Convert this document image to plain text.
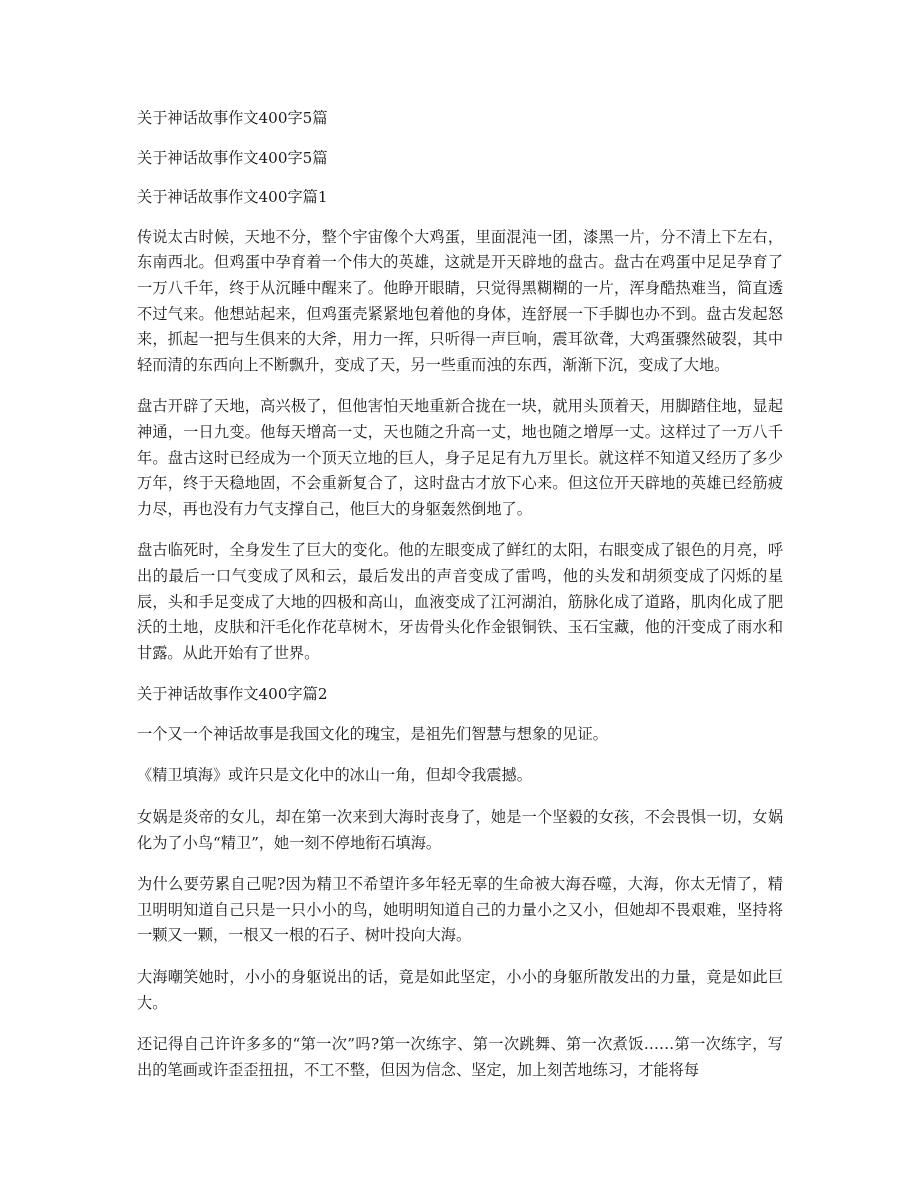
关于神话故事作文400字5篇

关于神话故事作文400字5篇

关于神话故事作文400字篇1

传说太古时候，天地不分，整个宇宙像个大鸡蛋，里面混沌一团，漆黑一片，分不清上下左右，东南西北。但鸡蛋中孕育着一个伟大的英雄，这就是开天辟地的盘古。盘古在鸡蛋中足足孕育了一万八千年，终于从沉睡中醒来了。他睁开眼睛，只觉得黑糊糊的一片，浑身酷热难当，简直透不过气来。他想站起来，但鸡蛋壳紧紧地包着他的身体，连舒展一下手脚也办不到。盘古发起怒来，抓起一把与生俱来的大斧，用力一挥，只听得一声巨响，震耳欲聋，大鸡蛋骤然破裂，其中轻而清的东西向上不断飘升，变成了天，另一些重而浊的东西，渐渐下沉，变成了大地。

盘古开辟了天地，高兴极了，但他害怕天地重新合拢在一块，就用头顶着天，用脚踏住地，显起神通，一日九变。他每天增高一丈，天也随之升高一丈，地也随之增厚一丈。这样过了一万八千年。盘古这时已经成为一个顶天立地的巨人，身子足足有九万里长。就这样不知道又经历了多少万年，终于天稳地固，不会重新复合了，这时盘古才放下心来。但这位开天辟地的英雄已经筋疲力尽，再也没有力气支撑自己，他巨大的身躯轰然倒地了。

盘古临死时，全身发生了巨大的变化。他的左眼变成了鲜红的太阳，右眼变成了银色的月亮，呼出的最后一口气变成了风和云，最后发出的声音变成了雷鸣，他的头发和胡须变成了闪烁的星辰，头和手足变成了大地的四极和高山，血液变成了江河湖泊，筋脉化成了道路，肌肉化成了肥沃的土地，皮肤和汗毛化作花草树木，牙齿骨头化作金银铜铁、玉石宝藏，他的汗变成了雨水和甘露。从此开始有了世界。

关于神话故事作文400字篇2

一个又一个神话故事是我国文化的瑰宝，是祖先们智慧与想象的见证。

《精卫填海》或许只是文化中的冰山一角，但却令我震撼。

女娲是炎帝的女儿，却在第一次来到大海时丧身了，她是一个坚毅的女孩，不会畏惧一切，女娲化为了小鸟“精卫”，她一刻不停地衔石填海。

为什么要劳累自己呢?因为精卫不希望许多年轻无辜的生命被大海吞噬，大海，你太无情了，精卫明明知道自己只是一只小小的鸟，她明明知道自己的力量小之又小，但她却不畏艰难，坚持将一颗又一颗，一根又一根的石子、树叶投向大海。

大海嘲笑她时，小小的身躯说出的话，竟是如此坚定，小小的身躯所散发出的力量，竟是如此巨大。

还记得自己许许多多的“第一次”吗?第一次练字、第一次跳舞、第一次煮饭……第一次练字，写出的笔画或许歪歪扭扭，不工不整，但因为信念、坚定，加上刻苦地练习，才能将每
